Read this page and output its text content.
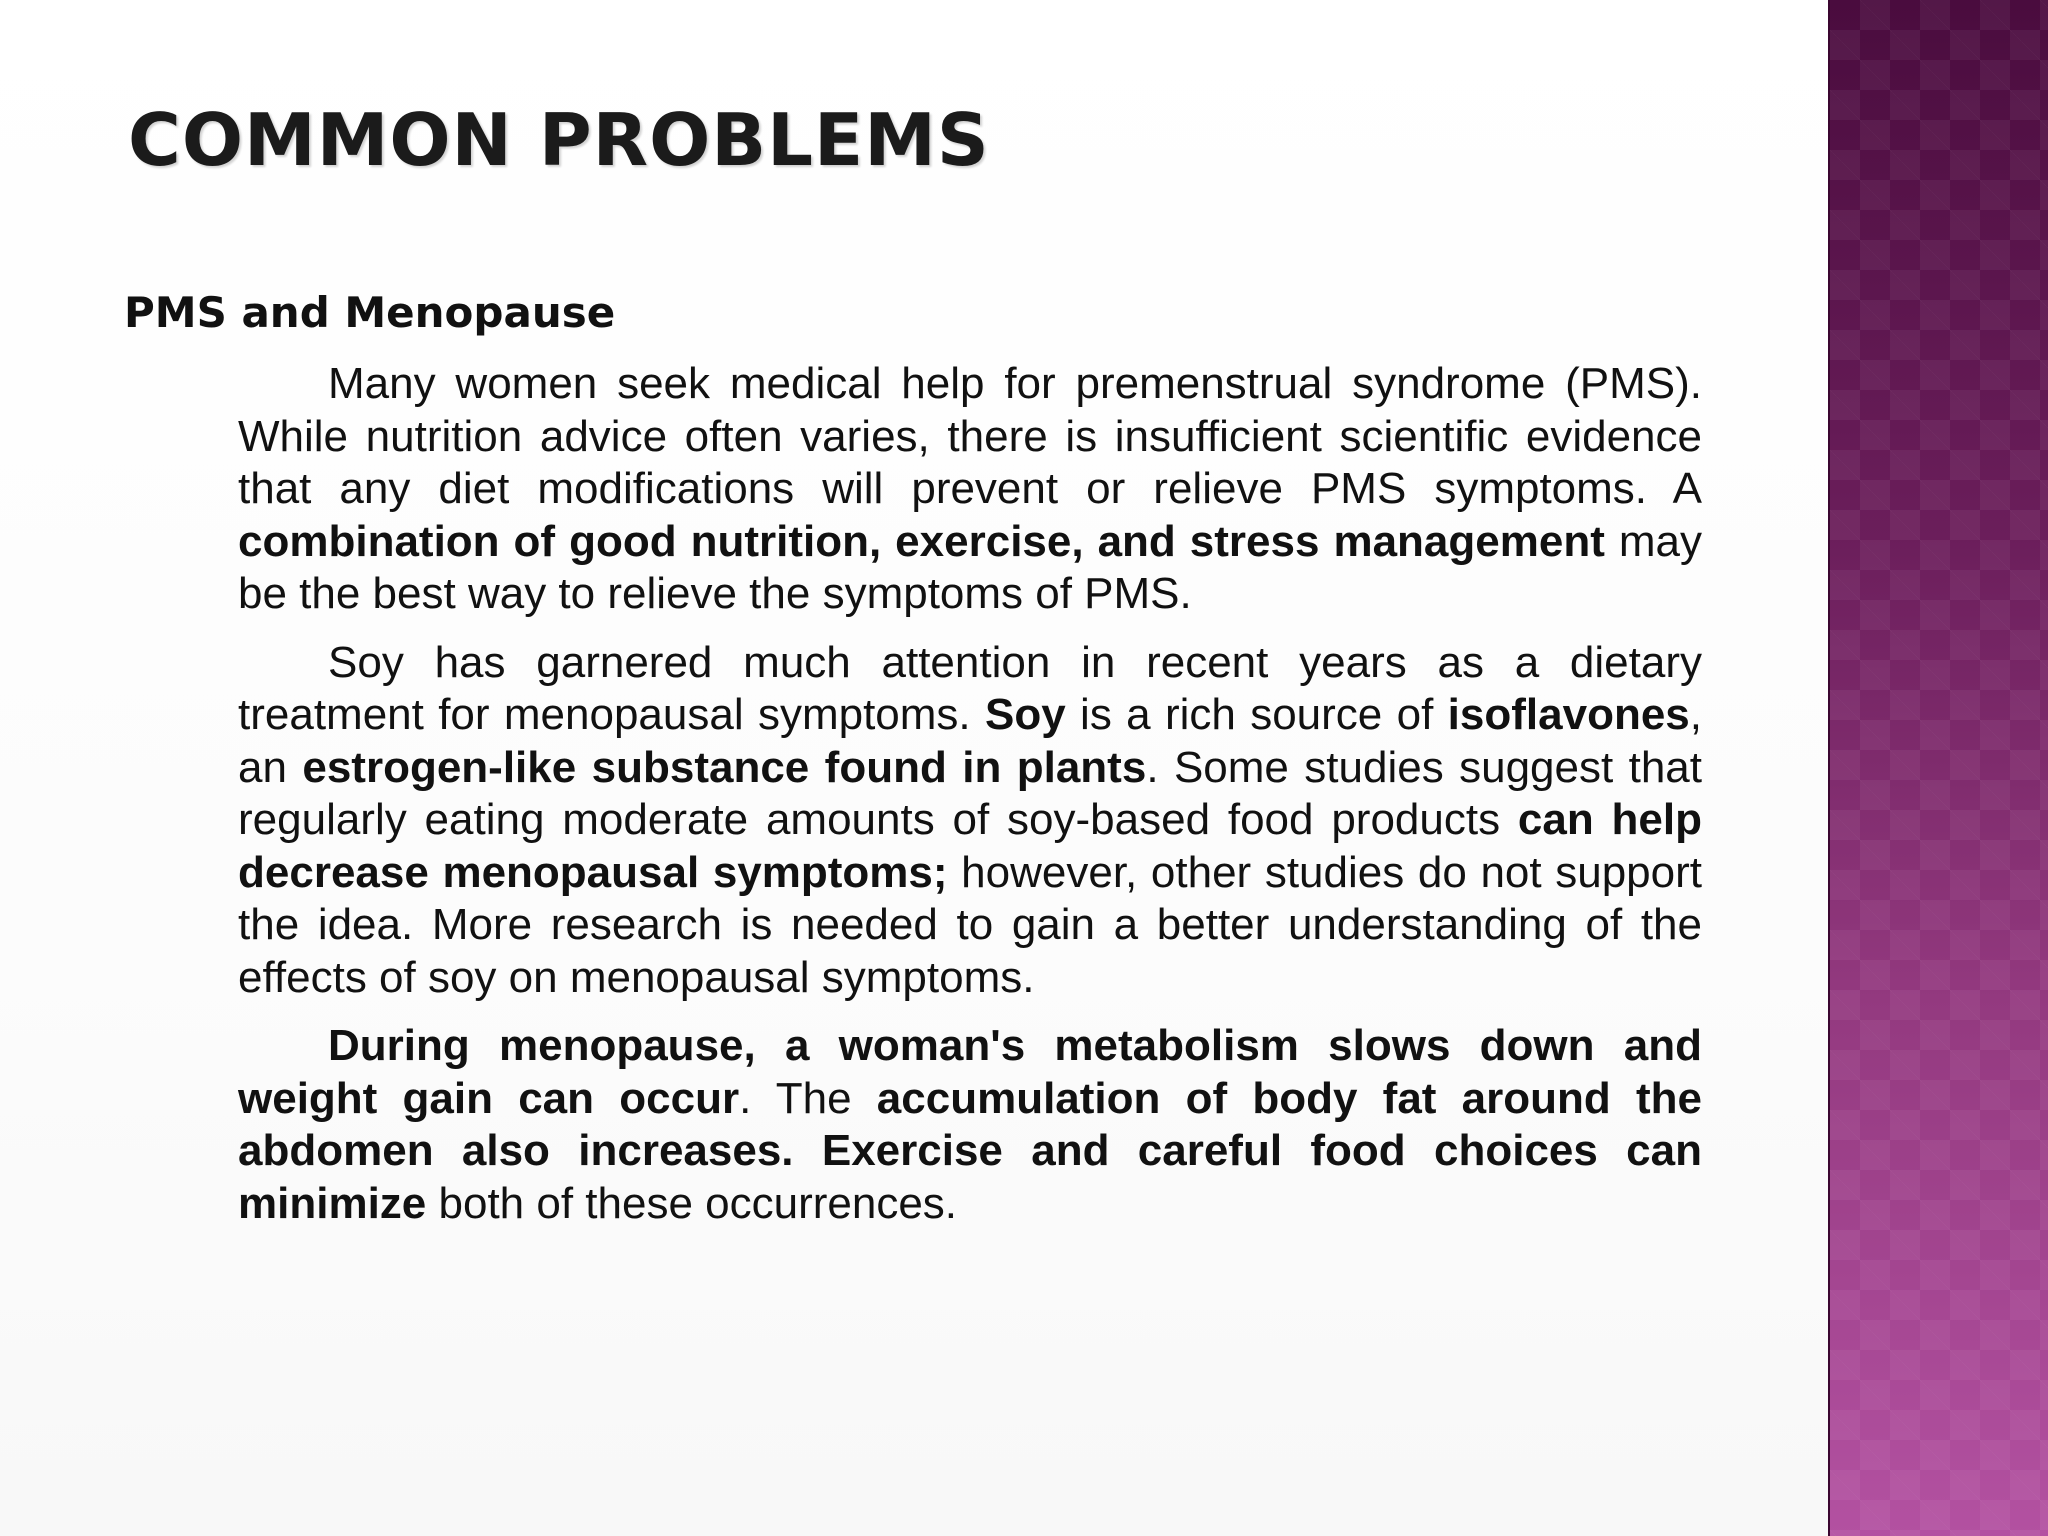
COMMON PROBLEMS
PMS and Menopause

Many women seek medical help for premenstrual syndrome (PMS). While nutrition advice often varies, there is insufficient scientific evidence that any diet modifications will prevent or relieve PMS symptoms. A combination of good nutrition, exercise, and stress management may be the best way to relieve the symptoms of PMS.

Soy has garnered much attention in recent years as a dietary treatment for menopausal symptoms. Soy is a rich source of isoflavones, an estrogen-like substance found in plants. Some studies suggest that regularly eating moderate amounts of soy-based food products can help decrease menopausal symptoms; however, other studies do not support the idea. More research is needed to gain a better understanding of the effects of soy on menopausal symptoms.

During menopause, a woman's metabolism slows down and weight gain can occur. The accumulation of body fat around the abdomen also increases. Exercise and careful food choices can minimize both of these occurrences.
